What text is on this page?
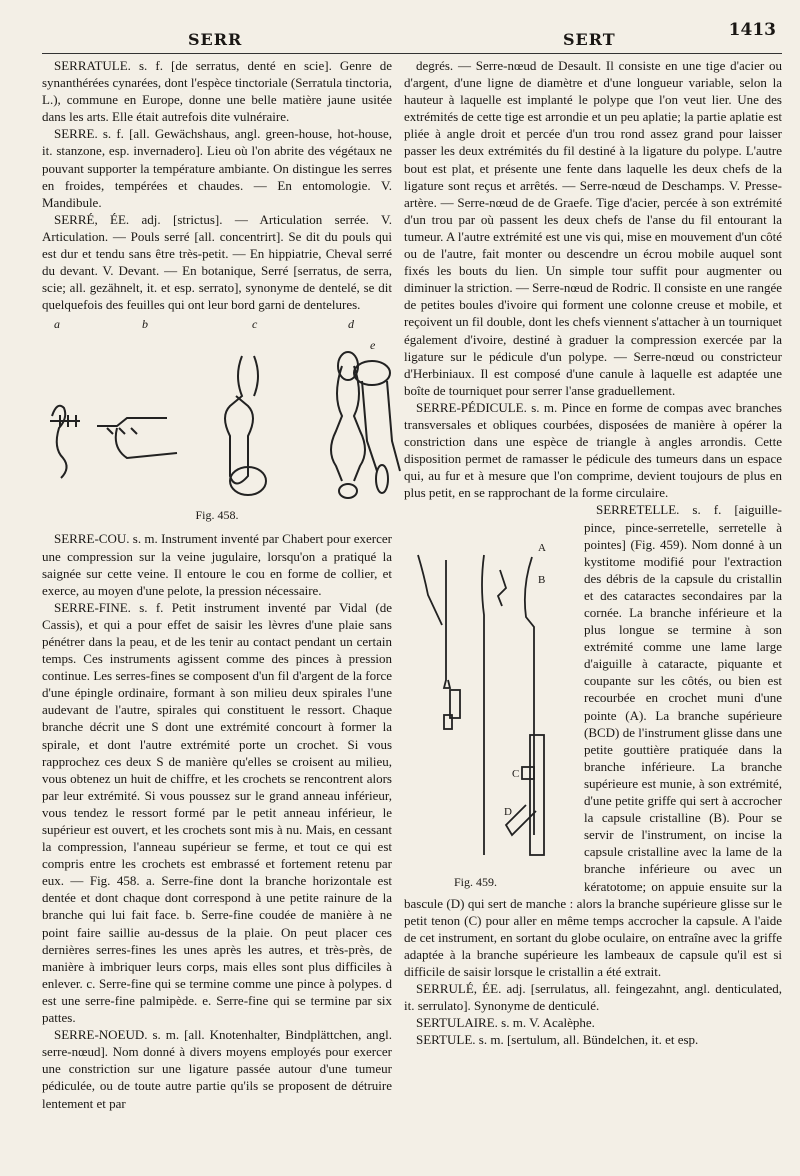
SERR	SERT	1413

SERRATULE. s. f. [de serratus, denté en scie]. Genre de synanthérées cynarées, dont l'espèce tinctoriale (Serratula tinctoria, L.), commune en Europe, donne une belle matière jaune usitée dans les arts. Elle était autrefois dite vulnéraire.

SERRE. s. f. [all. Gewächshaus, angl. green-house, hot-house, it. stanzone, esp. invernadero]. Lieu où l'on abrite des végétaux ne pouvant supporter la température ambiante. On distingue les serres en froides, tempérées et chaudes. — En entomologie. V. Mandibule.

SERRÉ, ÉE. adj. [strictus]. — Articulation serrée. V. Articulation. — Pouls serré [all. concentrirt]. Se dit du pouls qui est dur et tendu sans être très-petit. — En hippiatrie, Cheval serré du devant. V. Devant. — En botanique, Serré [serratus, de serra, scie; all. gezähnelt, it. et esp. serrato], synonyme de dentelé, se dit quelquefois des feuilles qui ont leur bord garni de dentelures.

a	b	c	d
Fig. 458.

SERRE-COU. s. m. Instrument inventé par Chabert pour exercer une compression sur la veine jugulaire, lorsqu'on a pratiqué la saignée sur cette veine. Il entoure le cou en forme de collier, et exerce, au moyen d'une pelote, la pression nécessaire.

SERRE-FINE. s. f. Petit instrument inventé par Vidal (de Cassis), et qui a pour effet de saisir les lèvres d'une plaie sans pénétrer dans la peau, et de les tenir au contact pendant un certain temps. Ces instruments agissent comme des pinces à pression continue. Les serres-fines se composent d'un fil d'argent de la force d'une épingle ordinaire, formant à son milieu deux spirales l'une audevant de l'autre, spirales qui constituent le ressort. Chaque branche décrit une S dont une extrémité concourt à former la spirale, et dont l'autre extrémité porte un crochet. Si vous rapprochez ces deux S de manière qu'elles se croisent au milieu, vous obtenez un huit de chiffre, et les crochets se rencontrent alors par leur extrémité. Si vous poussez sur le grand anneau inférieur, vous tendez le ressort formé par le petit anneau inférieur, le supérieur est ouvert, et les crochets sont mis à nu. Mais, en cessant la compression, l'anneau supérieur se ferme, et tout ce qui est compris entre les crochets est embrassé et fortement retenu par eux. — Fig. 458. a. Serre-fine dont la branche horizontale est dentée et dont chaque dont correspond à une petite rainure de la branche qui lui fait face. b. Serre-fine coudée de manière à ne point faire saillie au-dessus de la plaie. On peut placer ces dernières serres-fines les unes après les autres, et très-près, de manière à imbriquer leurs corps, mais elles sont plus difficiles à enlever. c. Serre-fine qui se termine comme une pince à polypes. d est une serre-fine palmipède. e. Serre-fine qui se termine par six pattes.

SERRE-NOEUD. s. m. [all. Knotenhalter, Bindplättchen, angl. serre-nœud]. Nom donné à divers moyens employés pour exercer une constriction sur une ligature passée autour d'une tumeur pédiculée, ou de toute autre partie qu'ils se proposent de détruire lentement et par

e

degrés. — Serre-nœud de Desault. Il consiste en une tige d'acier ou d'argent, d'une ligne de diamètre et d'une longueur variable, selon la hauteur à laquelle est implanté le polype que l'on veut lier. Une des extrémités de cette tige est arrondie et un peu aplatie; la partie aplatie est pliée à angle droit et percée d'un trou rond assez grand pour laisser passer les deux extrémités du fil destiné à la ligature du polype. L'autre bout est plat, et présente une fente dans laquelle les deux chefs de la ligature sont reçus et arrêtés. — Serre-nœud de Deschamps. V. Presse-artère. — Serre-nœud de de Graefe. Tige d'acier, percée à son extrémité d'un trou par où passent les deux chefs de l'anse du fil entourant la tumeur. A l'autre extrémité est une vis qui, mise en mouvement d'un côté ou de l'autre, fait monter ou descendre un écrou mobile auquel sont fixés les bouts du lien. Un simple tour suffit pour augmenter ou diminuer la striction. — Serre-nœud de Rodric. Il consiste en une rangée de petites boules d'ivoire qui forment une colonne creuse et mobile, et reçoivent un fil double, dont les chefs viennent s'attacher à un tourniquet également d'ivoire, destiné à graduer la compression exercée par la ligature sur le pédicule d'un polype. — Serre-nœud ou constricteur d'Herbiniaux. Il est composé d'une canule à laquelle est adaptée une boîte de tourniquet pour serrer l'anse graduellement.

SERRE-PÉDICULE. s. m. Pince en forme de compas avec branches transversales et obliques courbées, disposées de manière à opérer la constriction dans une espèce de triangle à angles arrondis. Cette disposition permet de ramasser le pédicule des tumeurs dans un espace qui, au fur et à mesure que l'on comprime, devient toujours de plus en plus petit, en se rapprochant de la forme circulaire.

A
B
C
D
Fig. 459.

SERRETELLE. s. f. [aiguille-pince, pince-serretelle, serretelle à pointes] (Fig. 459). Nom donné à un kystitome modifié pour l'extraction des débris de la capsule du cristallin et des cataractes secondaires par la cornée. La branche inférieure et la plus longue se termine à son extrémité comme une lame large d'aiguille à cataracte, piquante et coupante sur les côtés, ou bien est recourbée en crochet muni d'une pointe (A). La branche supérieure (BCD) de l'instrument glisse dans une petite gouttière pratiquée dans la branche inférieure. La branche supérieure est munie, à son extrémité, d'une petite griffe qui sert à accrocher la capsule cristalline (B). Pour se servir de l'instrument, on incise la capsule cristalline avec la lame de la branche inférieure ou avec un kératotome; on appuie ensuite sur la bascule (D) qui sert de manche : alors la branche supérieure glisse sur le petit tenon (C) pour aller en même temps accrocher la capsule. A l'aide de cet instrument, en sortant du globe oculaire, on entraîne avec la griffe adaptée à la branche supérieure les lambeaux de capsule qu'il est si difficile de saisir lorsque le cristallin a été extrait.

SERRULÉ, ÉE. adj. [serrulatus, all. feingezahnt, angl. denticulated, it. serrulato]. Synonyme de denticulé.

SERTULAIRE. s. m. V. Acalèphe.

SERTULE. s. m. [sertulum, all. Bündelchen, it. et esp.
